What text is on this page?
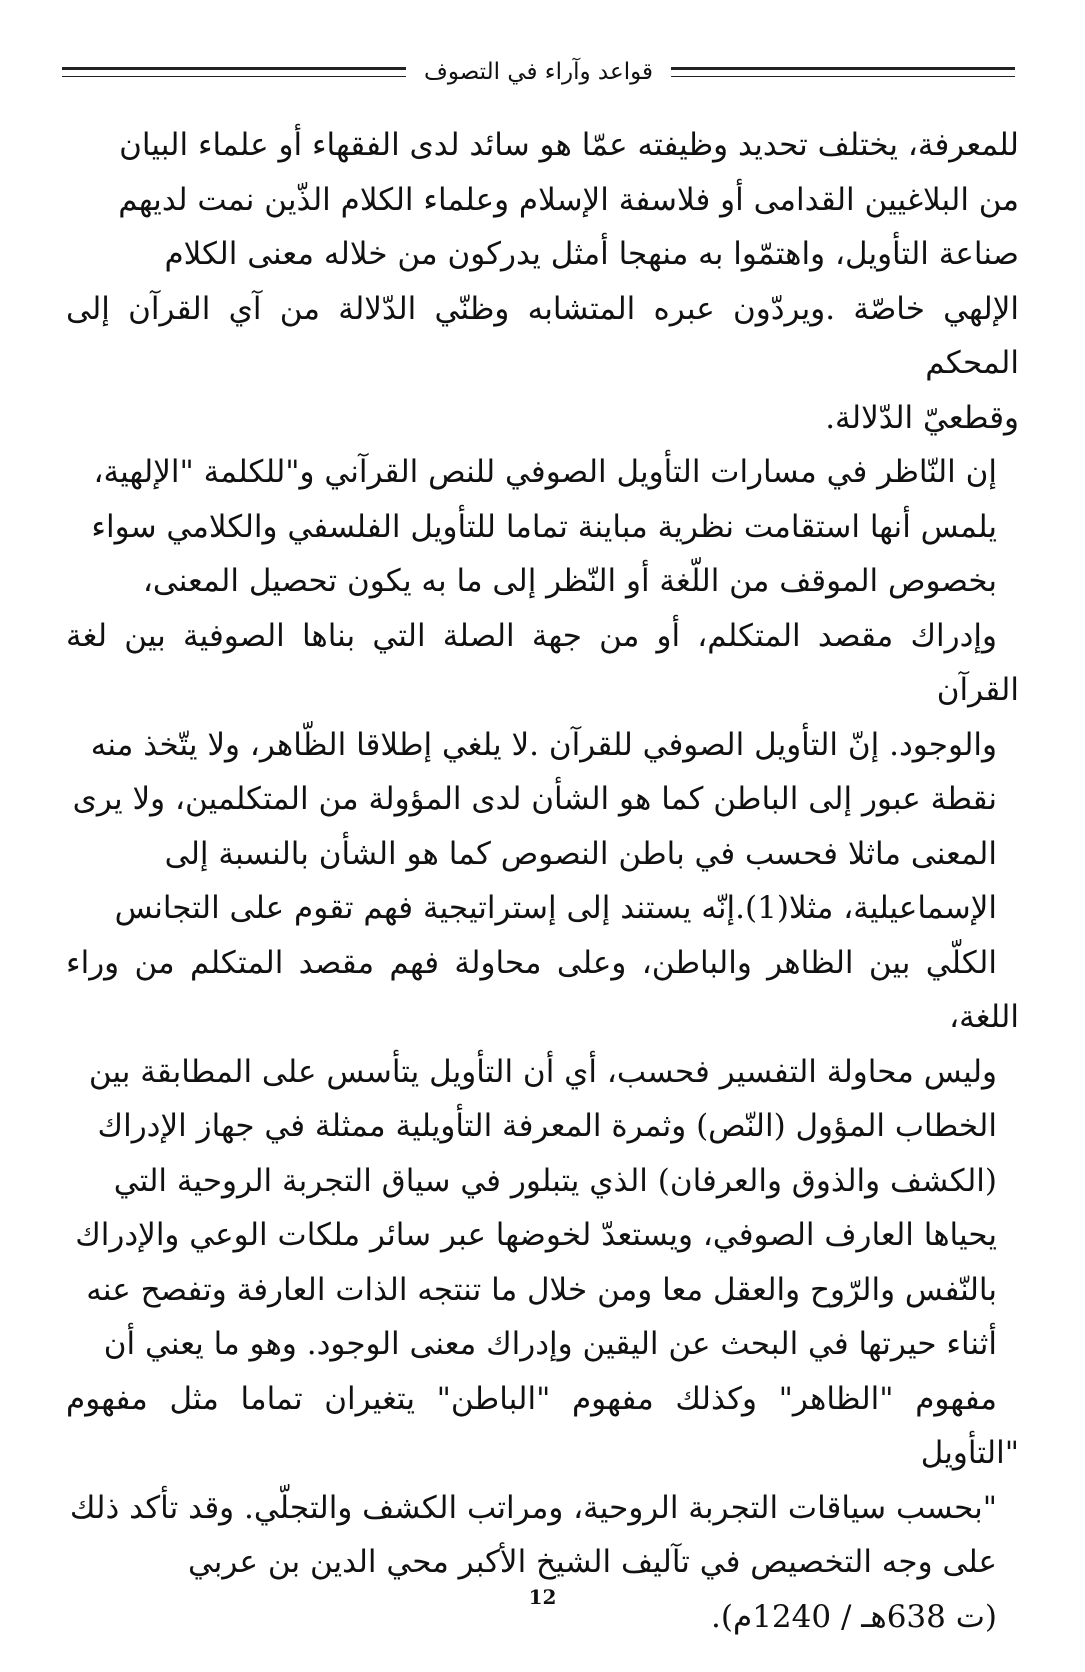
قواعد وآراء في التصوف

للمعرفة، يختلف تحديد وظيفته عمّا هو سائد لدى الفقهاء أو علماء البيان
من البلاغيين القدامى أو فلاسفة الإسلام وعلماء الكلام الذّين نمت لديهم
صناعة التأويل، واهتمّوا به منهجا أمثل يدركون من خلاله معنى الكلام
الإلهي خاصّة .ويردّون عبره المتشابه وظنّي الدّلالة من آي القرآن إلى المحكم
وقطعيّ الدّلالة.

إن النّاظر في مسارات التأويل الصوفي للنص القرآني و"للكلمة "الإلهية،
يلمس أنها استقامت نظرية مباينة تماما للتأويل الفلسفي والكلامي سواء
بخصوص الموقف من اللّغة أو النّظر إلى ما به يكون تحصيل المعنى،
وإدراك مقصد المتكلم، أو من جهة الصلة التي بناها الصوفية بين لغة القرآن
والوجود. إنّ التأويل الصوفي للقرآن .لا يلغي إطلاقا الظّاهر، ولا يتّخذ منه
نقطة عبور إلى الباطن كما هو الشأن لدى المؤولة من المتكلمين، ولا يرى
المعنى ماثلا فحسب في باطن النصوص كما هو الشأن بالنسبة إلى
الإسماعيلية، مثلا(1).إنّه يستند إلى إستراتيجية فهم تقوم على التجانس
الكلّي بين الظاهر والباطن، وعلى محاولة فهم مقصد المتكلم من وراء اللغة،
وليس محاولة التفسير فحسب، أي أن التأويل يتأسس على المطابقة بين
الخطاب المؤول (النّص) وثمرة المعرفة التأويلية ممثلة في جهاز الإدراك
(الكشف والذوق والعرفان) الذي يتبلور في سياق التجربة الروحية التي
يحياها العارف الصوفي، ويستعدّ لخوضها عبر سائر ملكات الوعي والإدراك
بالنّفس والرّوح والعقل معا ومن خلال ما تنتجه الذات العارفة وتفصح عنه
أثناء حيرتها في البحث عن اليقين وإدراك معنى الوجود. وهو ما يعني أن
مفهوم "الظاهر" وكذلك مفهوم "الباطن" يتغيران تماما مثل مفهوم "التأويل
"بحسب سياقات التجربة الروحية، ومراتب الكشف والتجلّي. وقد تأكد ذلك
على وجه التخصيص في تآليف الشيخ الأكبر محي الدين بن عربي
(ت 638هـ / 1240م).

12
